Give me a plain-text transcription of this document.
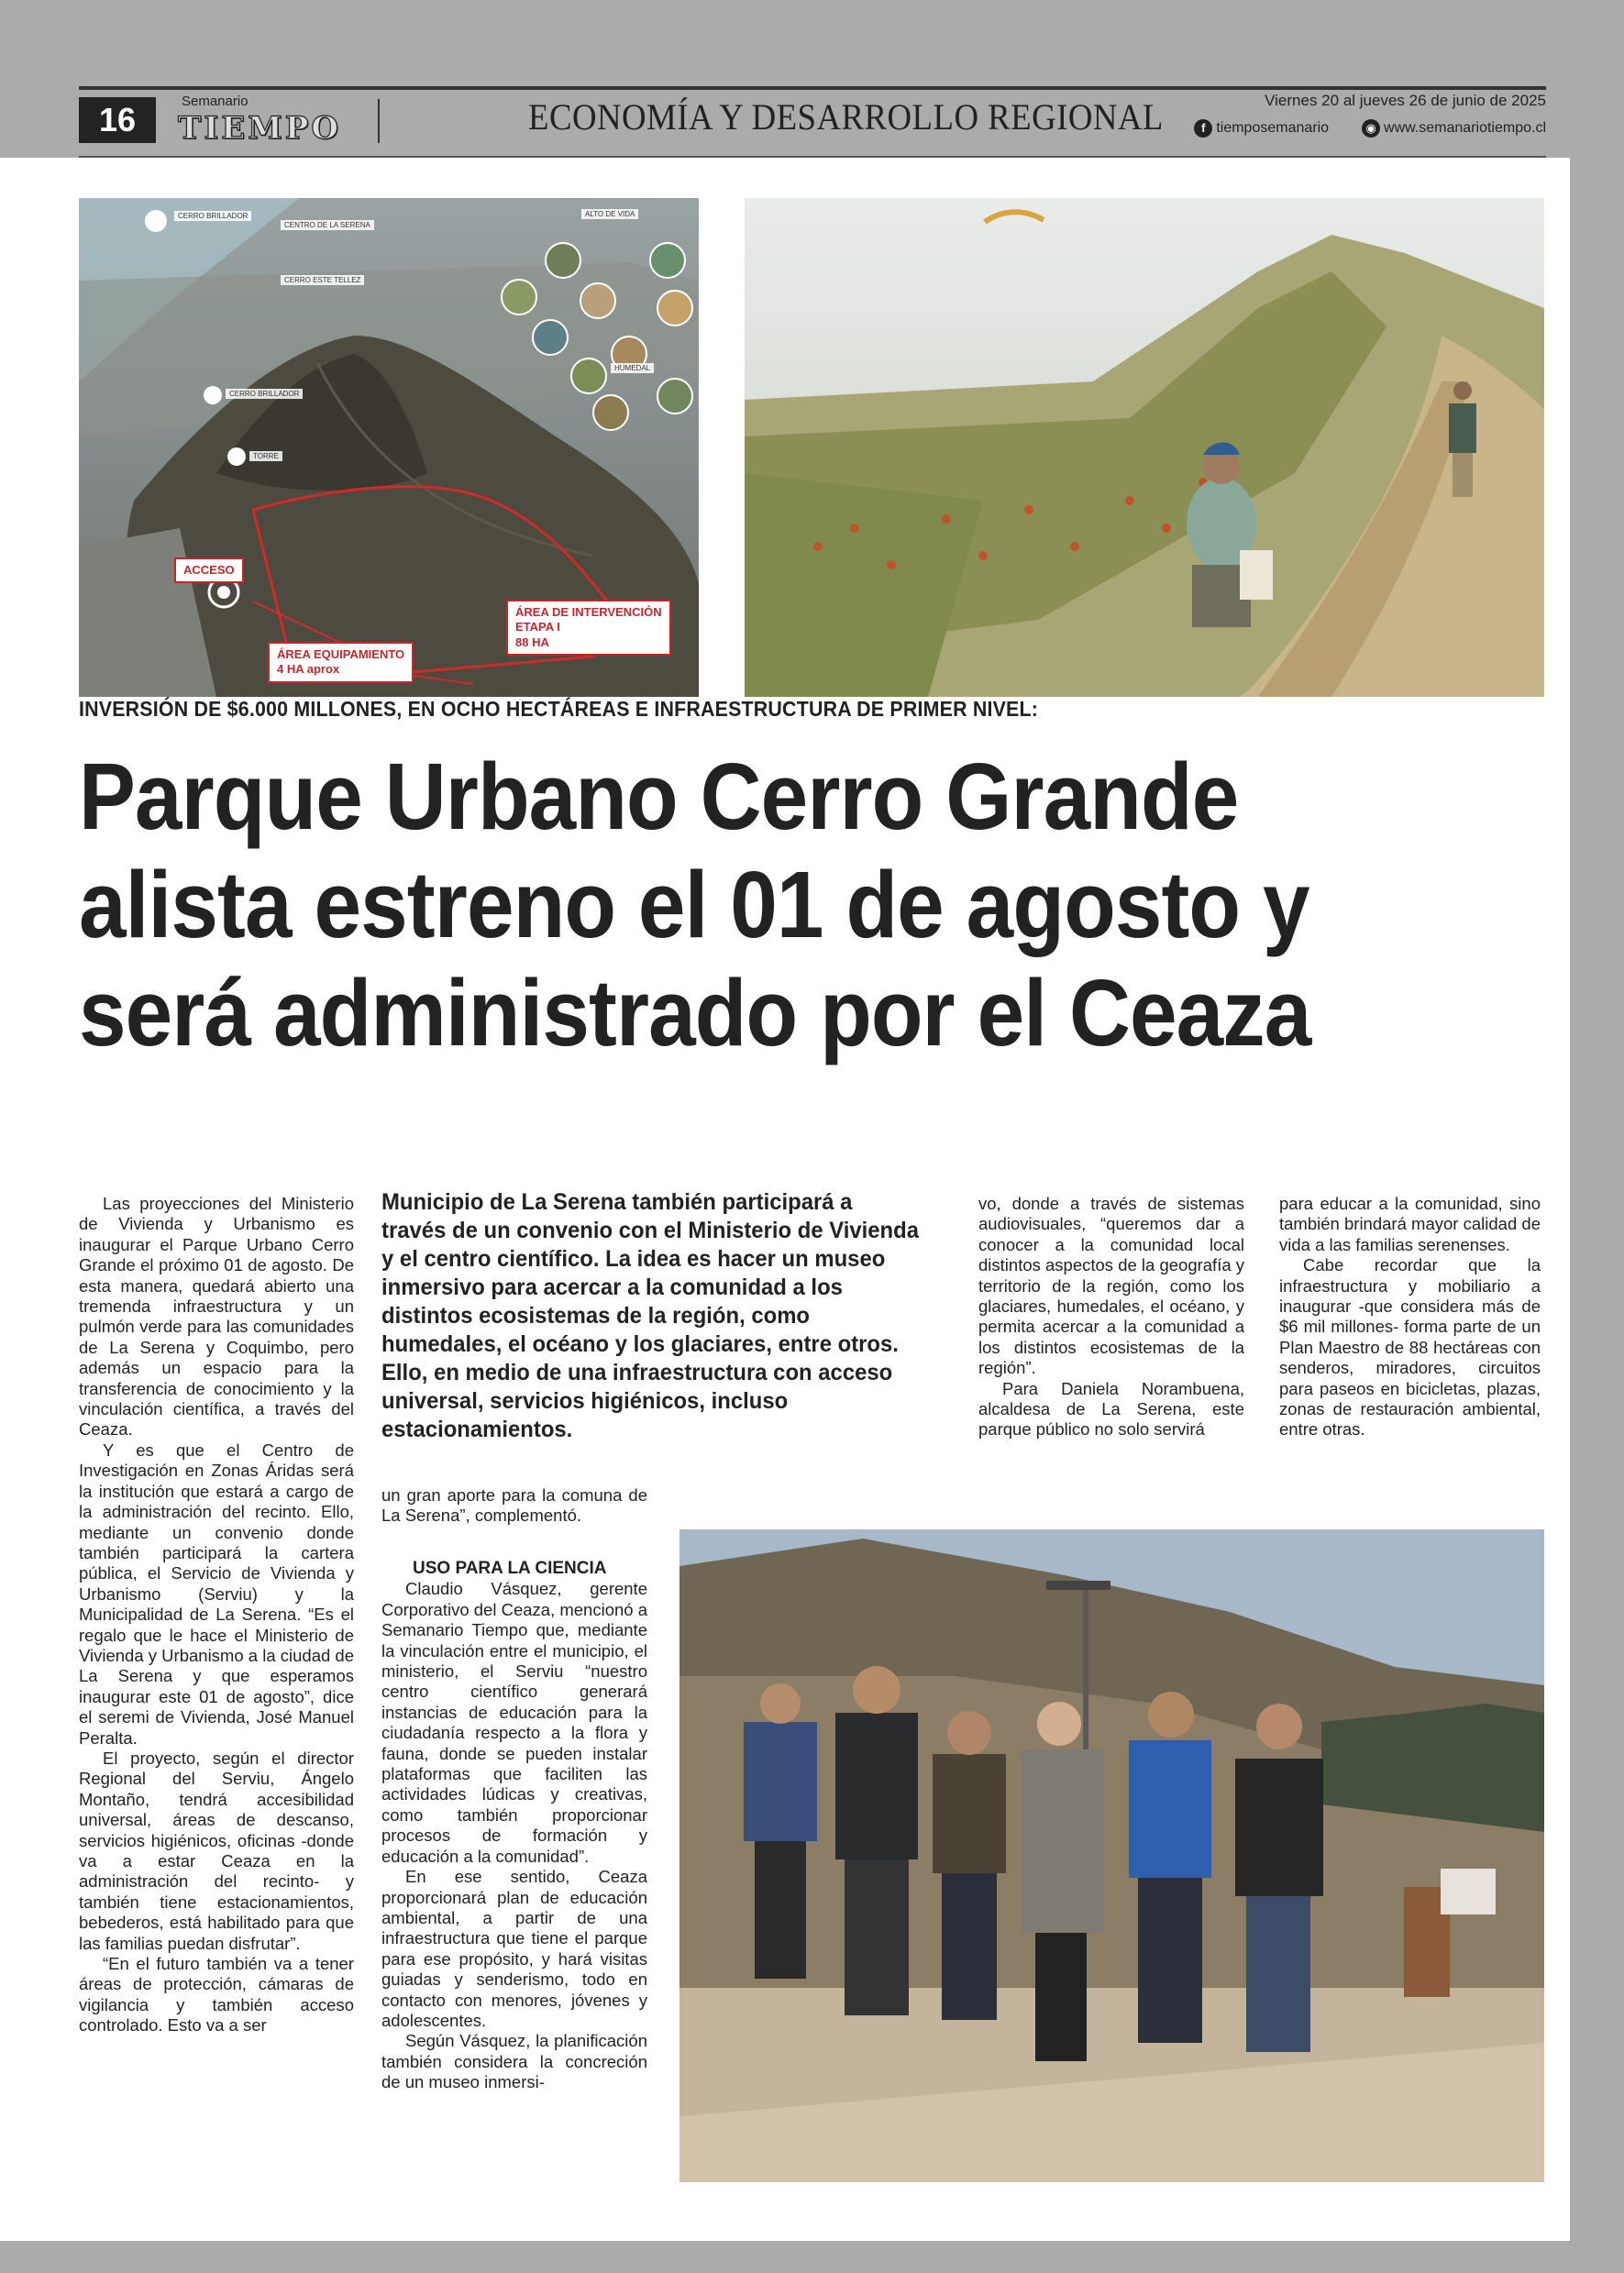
16	Semanario
TIEMPO	ECONOMÍA Y DESARROLLO REGIONAL	Viernes 20 al jueves 26 de junio de 2025
f tiemposemanario	◉ www.semanariotiempo.cl
CERRO BRILLADOR
CENTRO DE LA SERENA
CERRO ESTE TELLEZ
CERRO BRILLADOR
TORRE
ALTO DE VIDA
HUMEDAL
ACCESO
ÁREA EQUIPAMIENTO
4 HA aprox
ÁREA DE INTERVENCIÓN
ETAPA I
88 HA
INVERSIÓN DE $6.000 MILLONES, EN OCHO HECTÁREAS E INFRAESTRUCTURA DE PRIMER NIVEL:
Parque Urbano Cerro Grande
alista estreno el 01 de agosto y
será administrado por el Ceaza

Las proyecciones del Ministerio de Vivienda y Urbanismo es inaugurar el Parque Urbano Cerro Grande el próximo 01 de agosto. De esta manera, quedará abierto una tremenda infraestructura y un pulmón verde para las comunidades de La Serena y Coquimbo, pero además un espacio para la transferencia de conocimiento y la vinculación científica, a través del Ceaza.

Y es que el Centro de Investigación en Zonas Áridas será la institución que estará a cargo de la administración del recinto. Ello, mediante un convenio donde también participará la cartera pública, el Servicio de Vivienda y Urbanismo (Serviu) y la Municipalidad de La Serena. “Es el regalo que le hace el Ministerio de Vivienda y Urbanismo a la ciudad de La Serena y que esperamos inaugurar este 01 de agosto”, dice el seremi de Vivienda, José Manuel Peralta.

El proyecto, según el director Regional del Serviu, Ángelo Montaño, tendrá accesibilidad universal, áreas de descanso, servicios higiénicos, oficinas -donde va a estar Ceaza en la administración del recinto- y también tiene estacionamientos, bebederos, está habilitado para que las familias puedan disfrutar”.

“En el futuro también va a tener áreas de protección, cámaras de vigilancia y también acceso controlado. Esto va a ser

Municipio de La Serena también participará a través de un convenio con el Ministerio de Vivienda y el centro científico. La idea es hacer un museo inmersivo para acercar a la comunidad a los distintos ecosistemas de la región, como humedales, el océano y los glaciares, entre otros. Ello, en medio de una infraestructura con acceso universal, servicios higiénicos, incluso estacionamientos.

un gran aporte para la comuna de La Serena”, complementó.

USO PARA LA CIENCIA

Claudio Vásquez, gerente Corporativo del Ceaza, mencionó a Semanario Tiempo que, mediante la vinculación entre el municipio, el ministerio, el Serviu “nuestro centro científico generará instancias de educación para la ciudadanía respecto a la flora y fauna, donde se pueden instalar plataformas que faciliten las actividades lúdicas y creativas, como también proporcionar procesos de formación y educación a la comunidad”.

En ese sentido, Ceaza proporcionará plan de educación ambiental, a partir de una infraestructura que tiene el parque para ese propósito, y hará visitas guiadas y senderismo, todo en contacto con menores, jóvenes y adolescentes.

Según Vásquez, la planificación también considera la concreción de un museo inmersi-

vo, donde a través de sistemas audiovisuales, “queremos dar a conocer a la comunidad local distintos aspectos de la geografía y territorio de la región, como los glaciares, humedales, el océano, y permita acercar a la comunidad a los distintos ecosistemas de la región”.

Para Daniela Norambuena, alcaldesa de La Serena, este parque público no solo servirá

para educar a la comunidad, sino también brindará mayor calidad de vida a las familias serenenses.

Cabe recordar que la infraestructura y mobiliario a inaugurar -que considera más de $6 mil millones- forma parte de un Plan Maestro de 88 hectáreas con senderos, miradores, circuitos para paseos en bicicletas, plazas, zonas de restauración ambiental, entre otras.
